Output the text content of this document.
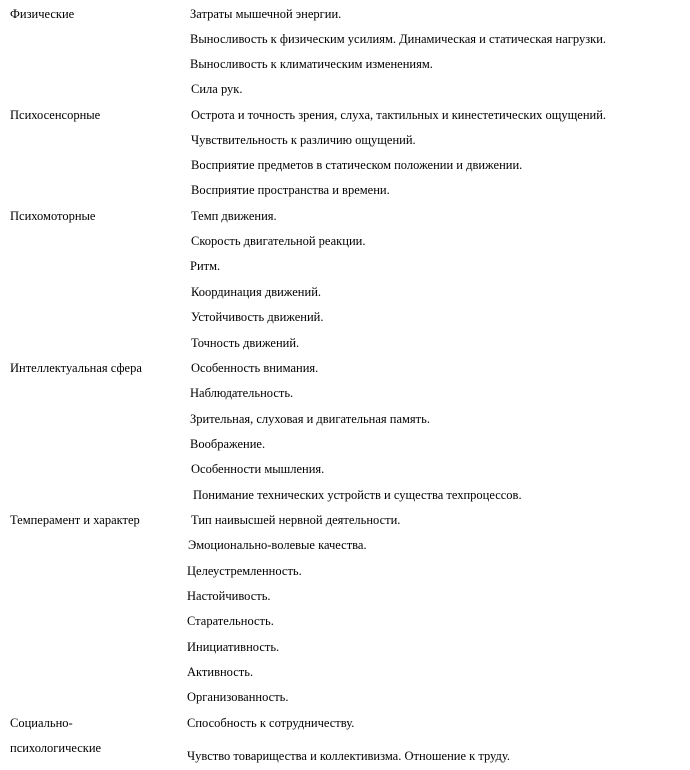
Физические
Психосенсорные
Психомоторные
Интеллектуальная сфера
Темперамент и характер
Социально-
психологические
Затраты мышечной энергии.
Выносливость к физическим усилиям. Динамическая и статическая нагрузки.
Выносливость к климатическим изменениям.
Сила рук.
Острота и точность зрения, слуха, тактильных и кинестетических ощущений.
Чувствительность к различию ощущений.
Восприятие предметов в статическом положении и движении.
Восприятие пространства и времени.
Темп движения.
Скорость двигательной реакции.
Ритм.
Координация движений.
Устойчивость движений.
Точность движений.
Особенность внимания.
Наблюдательность.
Зрительная, слуховая и двигательная память.
Воображение.
Особенности мышления.
Понимание технических устройств и существа техпроцессов.
Тип наивысшей нервной деятельности.
Эмоционально-волевые качества.
Целеустремленность.
Настойчивость.
Старательность.
Инициативность.
Активность.
Организованность.
Способность к сотрудничеству.
Чувство товарищества и коллективизма. Отношение к труду.
